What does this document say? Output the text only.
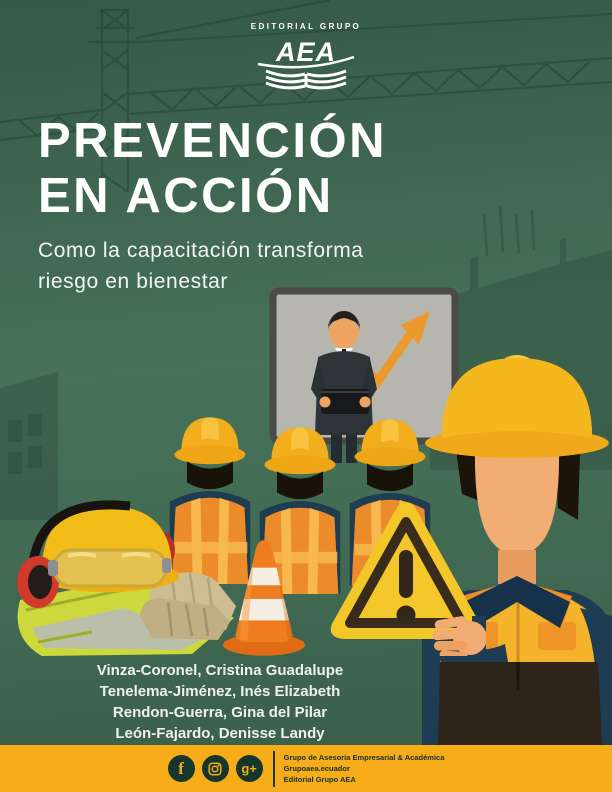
EDITORIAL GRUPO
AEA
PREVENCIÓN
EN ACCIÓN
Como la capacitación transforma
riesgo en bienestar
Vinza-Coronel, Cristina Guadalupe
Tenelema-Jiménez, Inés Elizabeth
Rendon-Guerra, Gina del Pilar
León-Fajardo, Denisse Landy
f	g+
Grupo de Asesoría Empresarial & Académica
Grupoaea.ecuador
Editorial Grupo AEA
